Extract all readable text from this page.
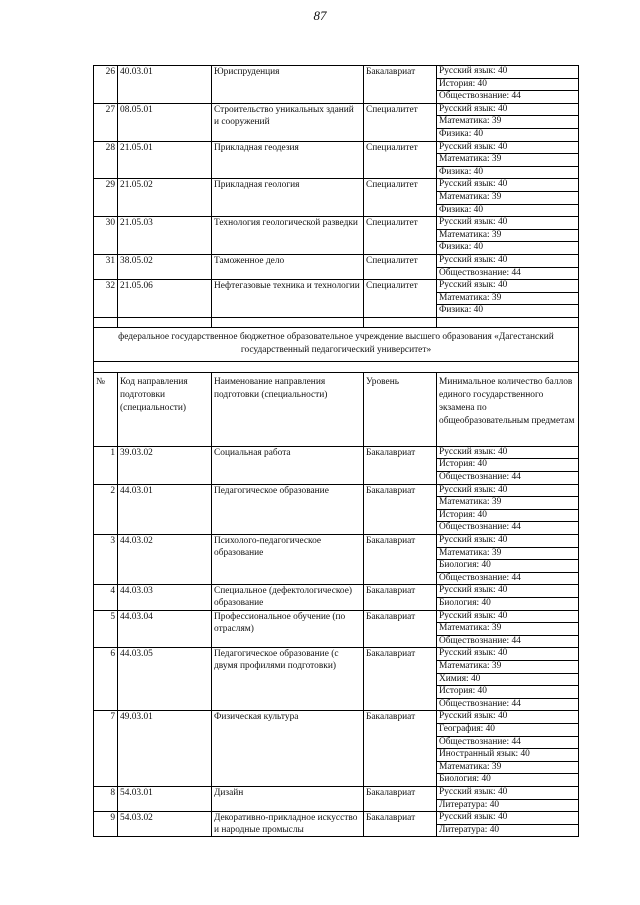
87
26	40.03.01	Юриспруденция	Бакалавриат	Русский язык: 40
				История: 40
				Обществознание: 44
27	08.05.01	Строительство уникальных зданий и сооружений	Специалитет	Русский язык: 40
				Математика: 39
				Физика: 40
28	21.05.01	Прикладная геодезия	Специалитет	Русский язык: 40
				Математика: 39
				Физика: 40
29	21.05.02	Прикладная геология	Специалитет	Русский язык: 40
				Математика: 39
				Физика: 40
30	21.05.03	Технология геологической разведки	Специалитет	Русский язык: 40
				Математика: 39
				Физика: 40
31	38.05.02	Таможенное дело	Специалитет	Русский язык: 40
				Обществознание: 44
32	21.05.06	Нефтегазовые техника и технологии	Специалитет	Русский язык: 40
				Математика: 39
				Физика: 40

федеральное государственное бюджетное образовательное учреждение высшего образования «Дагестанский государственный педагогический университет»				

№	Код направления подготовки (специальности)	Наименование направления подготовки (специальности)	Уровень	Минимальное количество баллов единого государственного экзамена по общеобразовательным предметам
1	39.03.02	Социальная работа	Бакалавриат	Русский язык: 40
				История: 40
				Обществознание: 44
2	44.03.01	Педагогическое образование	Бакалавриат	Русский язык: 40
				Математика: 39
				История: 40
				Обществознание: 44
3	44.03.02	Психолого-педагогическое образование	Бакалавриат	Русский язык: 40
				Математика: 39
				Биология: 40
				Обществознание: 44
4	44.03.03	Специальное (дефектологическое) образование	Бакалавриат	Русский язык: 40
				Биология: 40
5	44.03.04	Профессиональное обучение (по отраслям)	Бакалавриат	Русский язык: 40
				Математика: 39
				Обществознание: 44
6	44.03.05	Педагогическое образование (с двумя профилями подготовки)	Бакалавриат	Русский язык: 40
				Математика: 39
				Химия: 40
				История: 40
				Обществознание: 44
7	49.03.01	Физическая культура	Бакалавриат	Русский язык: 40
				География: 40
				Обществознание: 44
				Иностранный язык: 40
				Математика: 39
				Биология: 40
8	54.03.01	Дизайн	Бакалавриат	Русский язык: 40
				Литература: 40
9	54.03.02	Декоративно-прикладное искусство и народные промыслы	Бакалавриат	Русский язык: 40
				Литература: 40
